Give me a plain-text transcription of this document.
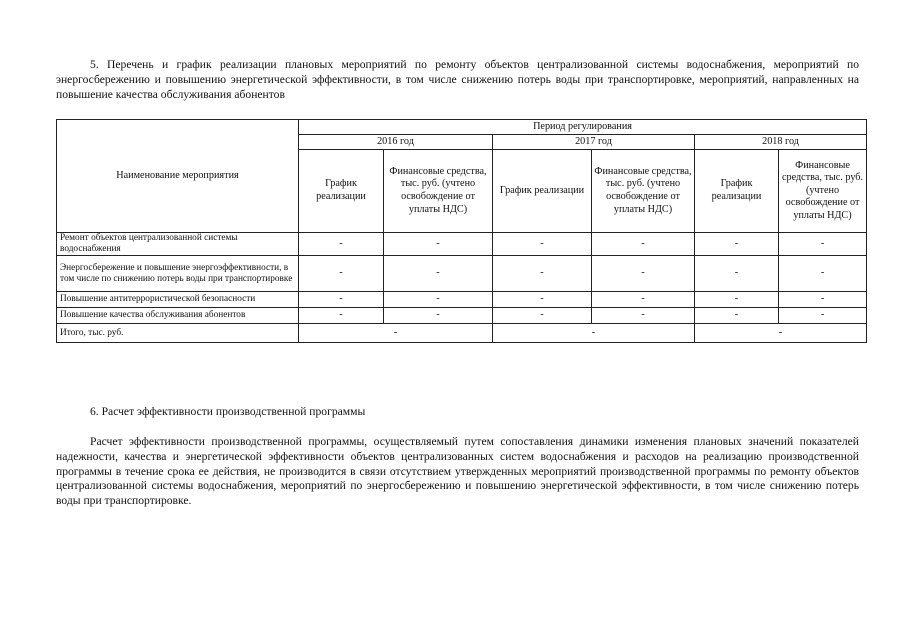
5. Перечень и график реализации плановых мероприятий по ремонту объектов централизованной системы водоснабжения, мероприятий по энергосбережению и повышению энергетической эффективности, в том числе снижению потерь воды при транспортировке, мероприятий, направленных на повышение качества обслуживания абонентов

Наименование мероприятия	Период регулирования					
	2016 год		2017 год		2018 год	
	График реализации	Финансовые средства, тыс. руб. (учтено освобождение от уплаты НДС)	График реализации	Финансовые средства, тыс. руб. (учтено освобождение от уплаты НДС)	График реализации	Финансовые средства, тыс. руб. (учтено освобождение от уплаты НДС)
Ремонт объектов централизованной системы водоснабжения	-	-	-	-	-	-
Энергосбережение и повышение энергоэффективности, в том числе по снижению потерь воды при транспортировке	-	-	-	-	-	-
Повышение антитеррористической безопасности	-	-	-	-	-	-
Повышение качества обслуживания абонентов	-	-	-	-	-	-
Итого, тыс. руб.	-		-		-	

6. Расчет эффективности производственной программы

Расчет эффективности производственной программы, осуществляемый путем сопоставления динамики изменения плановых значений показателей надежности, качества и энергетической эффективности объектов централизованных систем водоснабжения и расходов на реализацию производственной программы в течение срока ее действия, не производится в связи отсутствием утвержденных мероприятий производственной программы по ремонту объектов централизованной системы водоснабжения, мероприятий по энергосбережению и повышению энергетической эффективности, в том числе снижению потерь воды при транспортировке.
